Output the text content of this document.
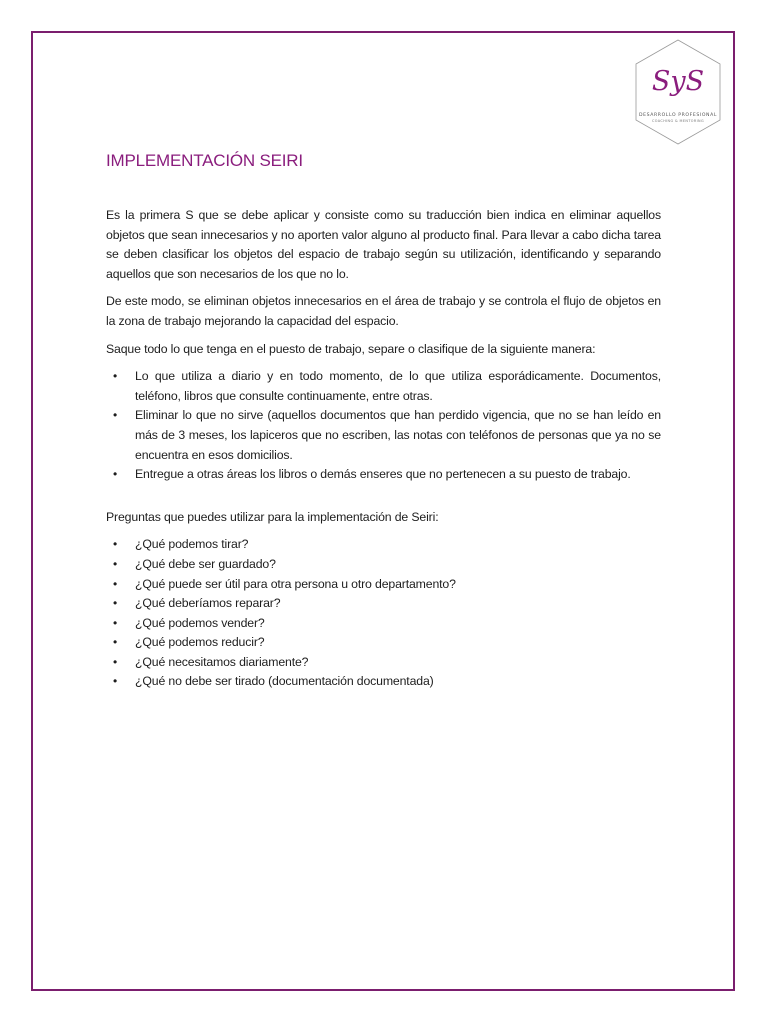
SyS
DESARROLLO PROFESIONAL
COACHING & MENTORING
IMPLEMENTACIÓN SEIRI

Es la primera S que se debe aplicar y consiste como su traducción bien indica en eliminar aquellos objetos que sean innecesarios y no aporten valor alguno al producto final. Para llevar a cabo dicha tarea se deben clasificar los objetos del espacio de trabajo según su utilización, identificando y separando aquellos que son necesarios de los que no lo.

De este modo, se eliminan objetos innecesarios en el área de trabajo y se controla el flujo de objetos en la zona de trabajo mejorando la capacidad del espacio.

Saque todo lo que tenga en el puesto de trabajo, separe o clasifique de la siguiente manera:

• Lo que utiliza a diario y en todo momento, de lo que utiliza esporádicamente. Documentos, teléfono, libros que consulte continuamente, entre otras.
• Eliminar lo que no sirve (aquellos documentos que han perdido vigencia, que no se han leído en más de 3 meses, los lapiceros que no escriben, las notas con teléfonos de personas que ya no se encuentra en esos domicilios.
• Entregue a otras áreas los libros o demás enseres que no pertenecen a su puesto de trabajo.

Preguntas que puedes utilizar para la implementación de Seiri:

• ¿Qué podemos tirar?
• ¿Qué debe ser guardado?
• ¿Qué puede ser útil para otra persona u otro departamento?
• ¿Qué deberíamos reparar?
• ¿Qué podemos vender?
• ¿Qué podemos reducir?
• ¿Qué necesitamos diariamente?
• ¿Qué no debe ser tirado (documentación documentada)
